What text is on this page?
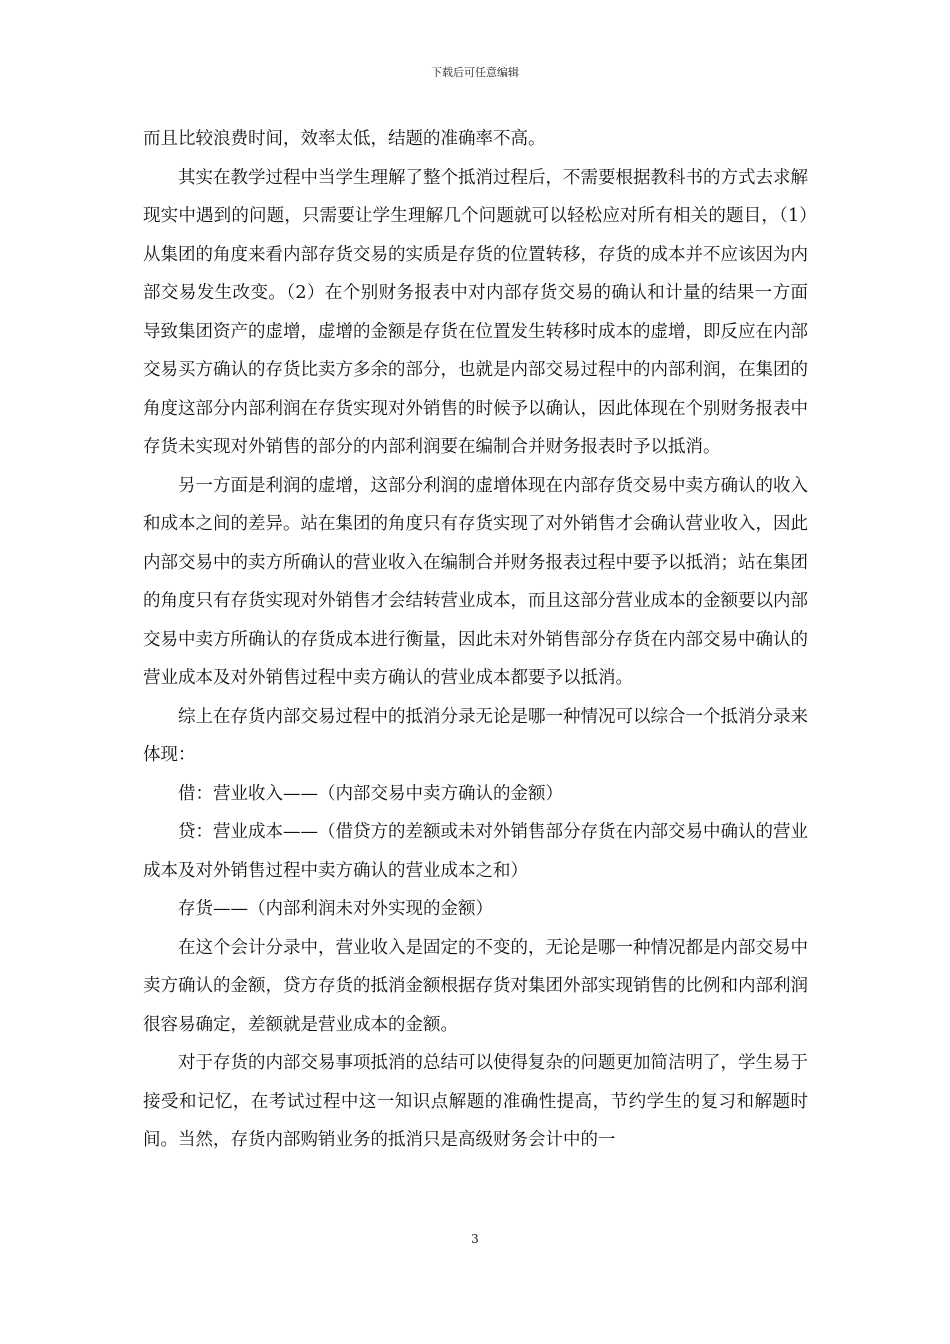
下载后可任意编辑

而且比较浪费时间，效率太低，结题的准确率不高。

其实在教学过程中当学生理解了整个抵消过程后，不需要根据教科书的方式去求解现实中遇到的问题，只需要让学生理解几个问题就可以轻松应对所有相关的题目，（1）从集团的角度来看内部存货交易的实质是存货的位置转移，存货的成本并不应该因为内部交易发生改变。（2）在个别财务报表中对内部存货交易的确认和计量的结果一方面导致集团资产的虚增，虚增的金额是存货在位置发生转移时成本的虚增，即反应在内部交易买方确认的存货比卖方多余的部分，也就是内部交易过程中的内部利润，在集团的角度这部分内部利润在存货实现对外销售的时候予以确认，因此体现在个别财务报表中存货未实现对外销售的部分的内部利润要在编制合并财务报表时予以抵消。

另一方面是利润的虚增，这部分利润的虚增体现在内部存货交易中卖方确认的收入和成本之间的差异。站在集团的角度只有存货实现了对外销售才会确认营业收入，因此内部交易中的卖方所确认的营业收入在编制合并财务报表过程中要予以抵消；站在集团的角度只有存货实现对外销售才会结转营业成本，而且这部分营业成本的金额要以内部交易中卖方所确认的存货成本进行衡量，因此未对外销售部分存货在内部交易中确认的营业成本及对外销售过程中卖方确认的营业成本都要予以抵消。

综上在存货内部交易过程中的抵消分录无论是哪一种情况可以综合一个抵消分录来体现：

借：营业收入——（内部交易中卖方确认的金额）

贷：营业成本——（借贷方的差额或未对外销售部分存货在内部交易中确认的营业成本及对外销售过程中卖方确认的营业成本之和）

存货——（内部利润未对外实现的金额）

在这个会计分录中，营业收入是固定的不变的，无论是哪一种情况都是内部交易中卖方确认的金额，贷方存货的抵消金额根据存货对集团外部实现销售的比例和内部利润很容易确定，差额就是营业成本的金额。

对于存货的内部交易事项抵消的总结可以使得复杂的问题更加简洁明了，学生易于接受和记忆，在考试过程中这一知识点解题的准确性提高，节约学生的复习和解题时间。当然，存货内部购销业务的抵消只是高级财务会计中的一

3
